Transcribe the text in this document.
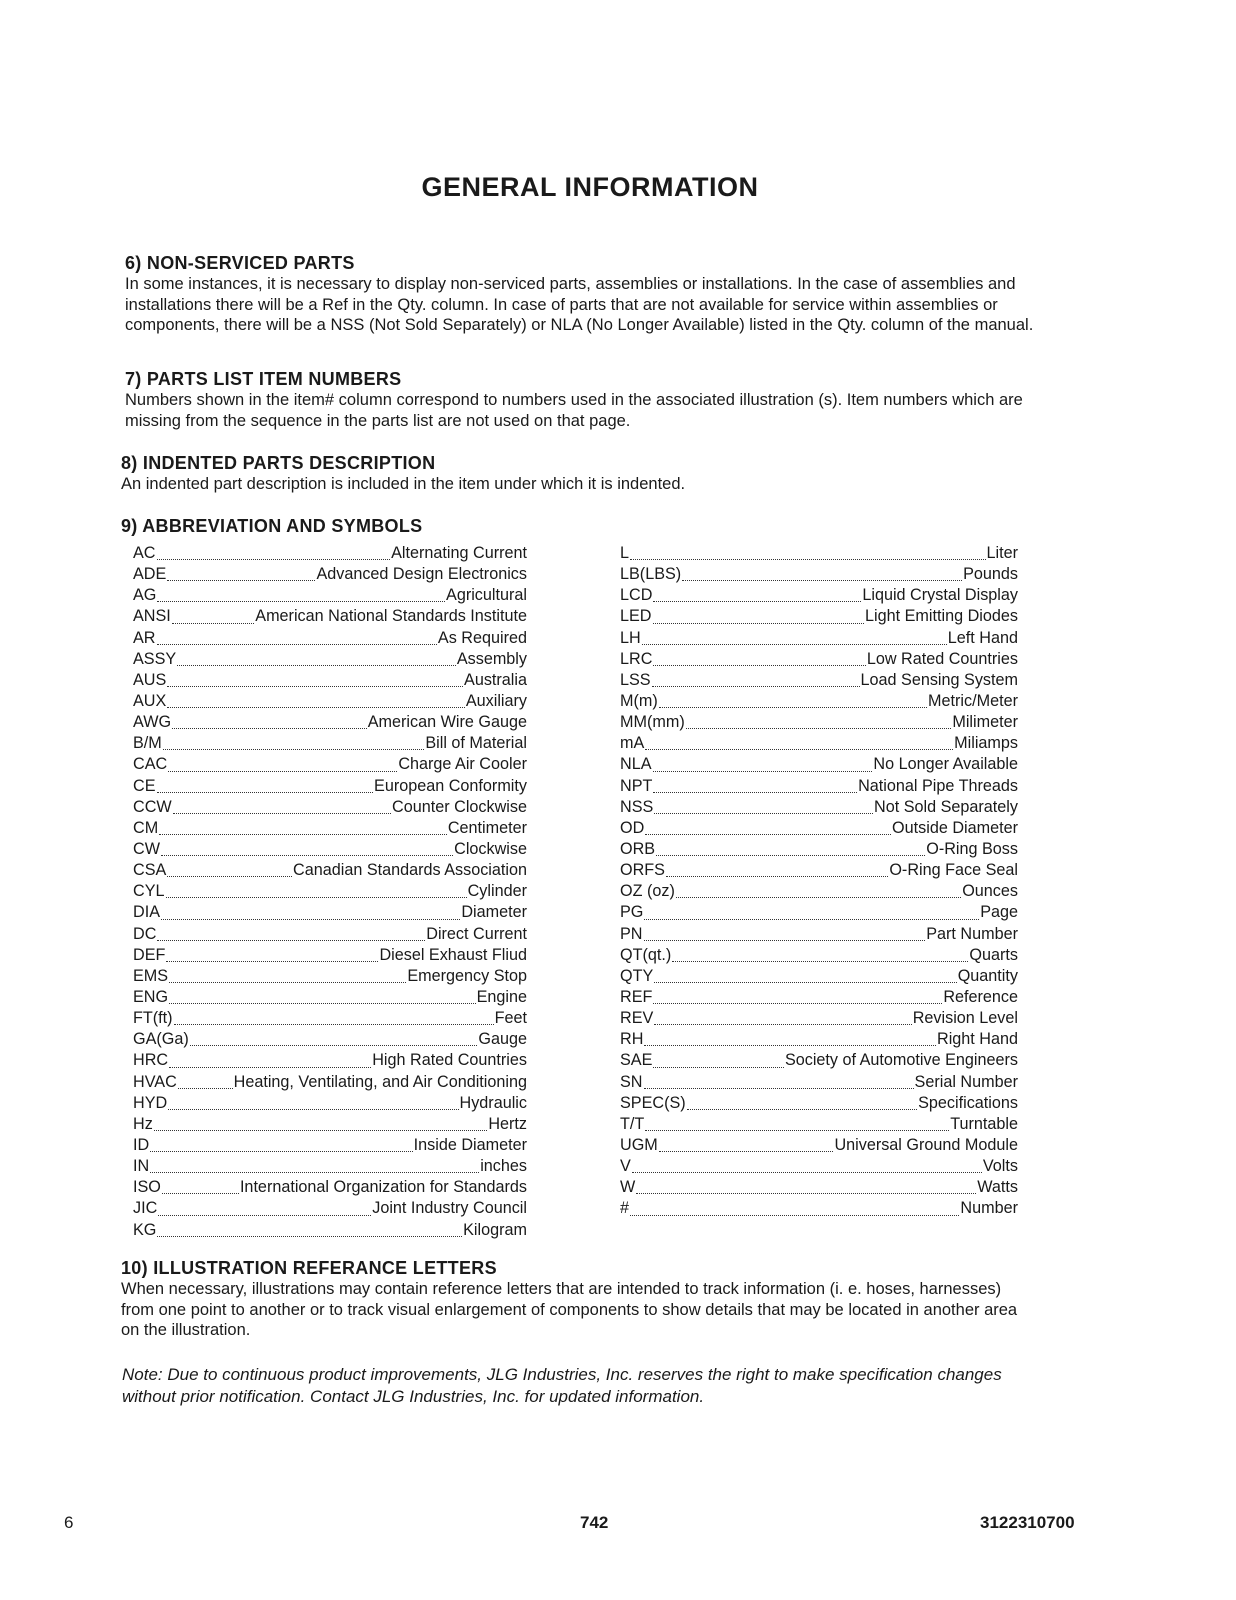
GENERAL INFORMATION
6) NON-SERVICED PARTS

In some instances, it is necessary to display non-serviced parts, assemblies or installations. In the case of assemblies and installations there will be a Ref in the Qty. column. In case of parts that are not available for service within assemblies or components, there will be a NSS (Not Sold Separately) or NLA (No Longer Available) listed in the Qty. column of the manual.

7) PARTS LIST ITEM NUMBERS

Numbers shown in the item# column correspond to numbers used in the associated illustration (s). Item numbers which are missing from the sequence in the parts list are not used on that page.

8) INDENTED PARTS DESCRIPTION

An indented part description is included in the item under which it is indented.

9) ABBREVIATION AND SYMBOLS
AC	Alternating Current
ADE	Advanced Design Electronics
AG	Agricultural
ANSI	American National Standards Institute
AR	As Required
ASSY	Assembly
AUS	Australia
AUX	Auxiliary
AWG	American Wire Gauge
B/M	Bill of Material
CAC	Charge Air Cooler
CE	European Conformity
CCW	Counter Clockwise
CM	Centimeter
CW	Clockwise
CSA	Canadian Standards Association
CYL	Cylinder
DIA	Diameter
DC	Direct Current
DEF	Diesel Exhaust Fliud
EMS	Emergency Stop
ENG	Engine
FT(ft)	Feet
GA(Ga)	Gauge
HRC	High Rated Countries
HVAC	Heating, Ventilating, and Air Conditioning
HYD	Hydraulic
Hz	Hertz
ID	Inside Diameter
IN	inches
ISO	International Organization for Standards
JIC	Joint Industry Council
KG	Kilogram
L	Liter
LB(LBS)	Pounds
LCD	Liquid Crystal Display
LED	Light Emitting Diodes
LH	Left Hand
LRC	Low Rated Countries
LSS	Load Sensing System
M(m)	Metric/Meter
MM(mm)	Milimeter
mA	Miliamps
NLA	No Longer Available
NPT	National Pipe Threads
NSS	Not Sold Separately
OD	Outside Diameter
ORB	O-Ring Boss
ORFS	O-Ring Face Seal
OZ (oz)	Ounces
PG	Page
PN	Part Number
QT(qt.)	Quarts
QTY	Quantity
REF	Reference
REV	Revision Level
RH	Right Hand
SAE	Society of Automotive Engineers
SN	Serial Number
SPEC(S)	Specifications
T/T	Turntable
UGM	Universal Ground Module
V	Volts
W	Watts
#	Number
10) ILLUSTRATION REFERANCE LETTERS

When necessary, illustrations may contain reference letters that are intended to track information (i. e. hoses, harnesses) from one point to another or to track visual enlargement of components to show details that may be located in another area on the illustration.

Note: Due to continuous product improvements, JLG Industries, Inc. reserves the right to make specification changes without prior notification. Contact JLG Industries, Inc. for updated information.
6	742	3122310700
